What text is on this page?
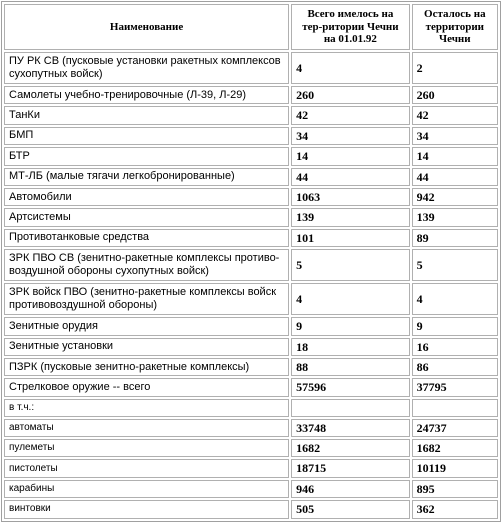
Наименование	Всего имелось на тер-ритории Чечни на 01.01.92	Осталось на территории Чечни
ПУ РК СВ (пусковые установки ракетных комплексов сухопутных войск)	4	2
Самолеты учебно-тренировочные (Л-39, Л-29)	260	260
ТанКи	42	42
БМП	34	34
БТР	14	14
МТ-ЛБ (малые тягачи легкобронированные)	44	44
Автомобили	1063	942
Артсистемы	139	139
Противотанковые средства	101	89
ЗРК ПВО СВ (зенитно-ракетные комплексы противо-воздушной обороны сухопутных войск)	5	5
ЗРК войск ПВО (зенитно-ракетные комплексы войск противовоздушной обороны)	4	4
Зенитные орудия	9	9
Зенитные установки	18	16
ПЗРК (пусковые зенитно-ракетные комплексы)	88	86
Стрелковое оружие -- всего	57596	37795
в т.ч.:		
автоматы	33748	24737
пулеметы	1682	1682
пистолеты	18715	10119
карабины	946	895
винтовки	505	362
